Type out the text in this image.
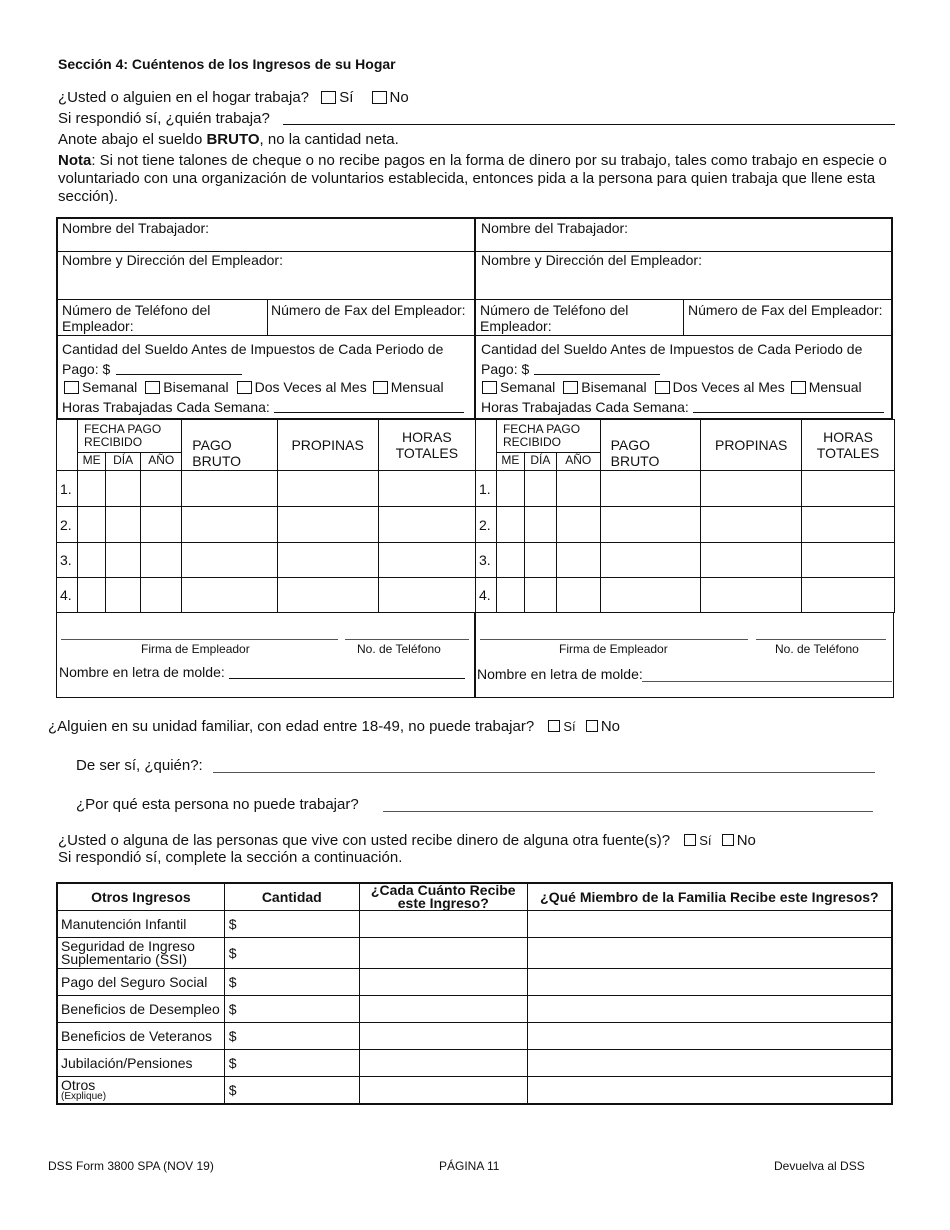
Sección 4: Cuéntenos de los Ingresos de su Hogar
¿Usted o alguien en el hogar trabaja? Sí No
Si respondió sí, ¿quién trabaja?
Anote abajo el sueldo BRUTO, no la cantidad neta.
Nota: Si not tiene talones de cheque o no recibe pagos en la forma de dinero por su trabajo, tales como trabajo en especie o voluntariado con una organización de voluntarios establecida, entonces pida a la persona para quien trabaja que llene esta sección).
Nombre del Trabajador:
Nombre y Dirección del Empleador:
Número de Teléfono del Empleador:
Número de Fax del Empleador:
Cantidad del Sueldo Antes de Impuestos de Cada Periodo de
Pago: $
Semanal Bisemanal Dos Veces al Mes Mensual
Horas Trabajadas Cada Semana:
	FECHA PAGO RECIBIDO			PAGO BRUTO	PROPINAS	HORAS TOTALES
	ME	DÍA	AÑO			
1.						
2.						
3.						
4.						
Firma de Empleador	No. de Teléfono
Nombre en letra de molde:
Nombre del Trabajador:
Nombre y Dirección del Empleador:
Número de Teléfono del Empleador:
Número de Fax del Empleador:
Cantidad del Sueldo Antes de Impuestos de Cada Periodo de
Pago: $
Semanal Bisemanal Dos Veces al Mes Mensual
Horas Trabajadas Cada Semana:
	FECHA PAGO RECIBIDO			PAGO BRUTO	PROPINAS	HORAS TOTALES
	ME	DÍA	AÑO			
1.						
2.						
3.						
4.						
Firma de Empleador	No. de Teléfono
Nombre en letra de molde:
¿Alguien en su unidad familiar, con edad entre 18-49, no puede trabajar? Sí No
De ser sí, ¿quién?:
¿Por qué esta persona no puede trabajar?
¿Usted o alguna de las personas que vive con usted recibe dinero de alguna otra fuente(s)? Sí No
Si respondió sí, complete la sección a continuación.
Otros Ingresos	Cantidad	¿Cada Cuánto Recibe este Ingreso?	¿Qué Miembro de la Familia Recibe este Ingresos?
Manutención Infantil	$		
Seguridad de Ingreso Suplementario (SSI)	$		
Pago del Seguro Social	$		
Beneficios de Desempleo	$		
Beneficios de Veteranos	$		
Jubilación/Pensiones	$		

Otros
(Explique)	$		
DSS Form 3800 SPA (NOV 19)	PÁGINA 11	Devuelva al DSS
